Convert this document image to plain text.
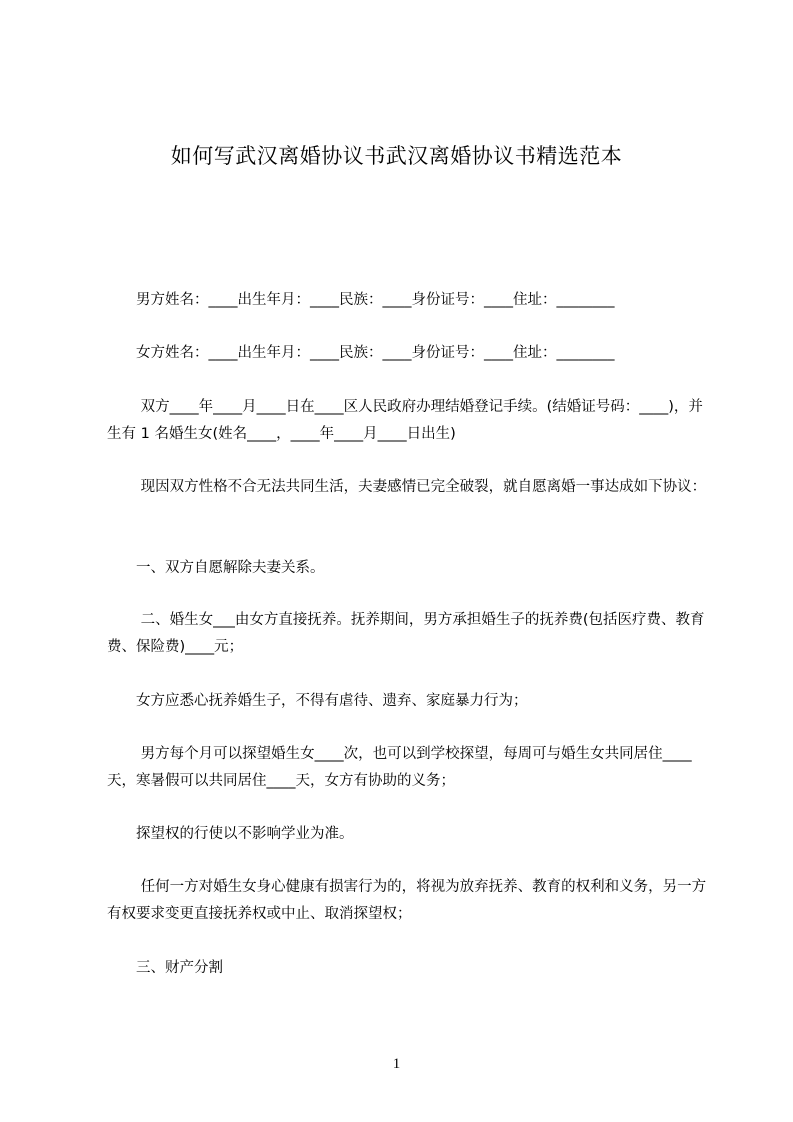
如何写武汉离婚协议书武汉离婚协议书精选范本

　　男方姓名：____出生年月：____民族：____身份证号：____住址：________

　　女方姓名：____出生年月：____民族：____身份证号：____住址：________

　　 双方____年____月____日在____区人民政府办理结婚登记手续。(结婚证号码：____)，并生有 1 名婚生女(姓名____，____年____月____日出生)

　　 现因双方性格不合无法共同生活，夫妻感情已完全破裂，就自愿离婚一事达成如下协议：

　　一、双方自愿解除夫妻关系。

　　 二、婚生女___由女方直接抚养。抚养期间，男方承担婚生子的抚养费(包括医疗费、教育费、保险费)____元；

　　女方应悉心抚养婚生子，不得有虐待、遗弃、家庭暴力行为；

　　 男方每个月可以探望婚生女____次，也可以到学校探望，每周可与婚生女共同居住____天，寒暑假可以共同居住____天，女方有协助的义务；

　　探望权的行使以不影响学业为准。

　　 任何一方对婚生女身心健康有损害行为的，将视为放弃抚养、教育的权利和义务，另一方有权要求变更直接抚养权或中止、取消探望权；

　　三、财产分割

1
